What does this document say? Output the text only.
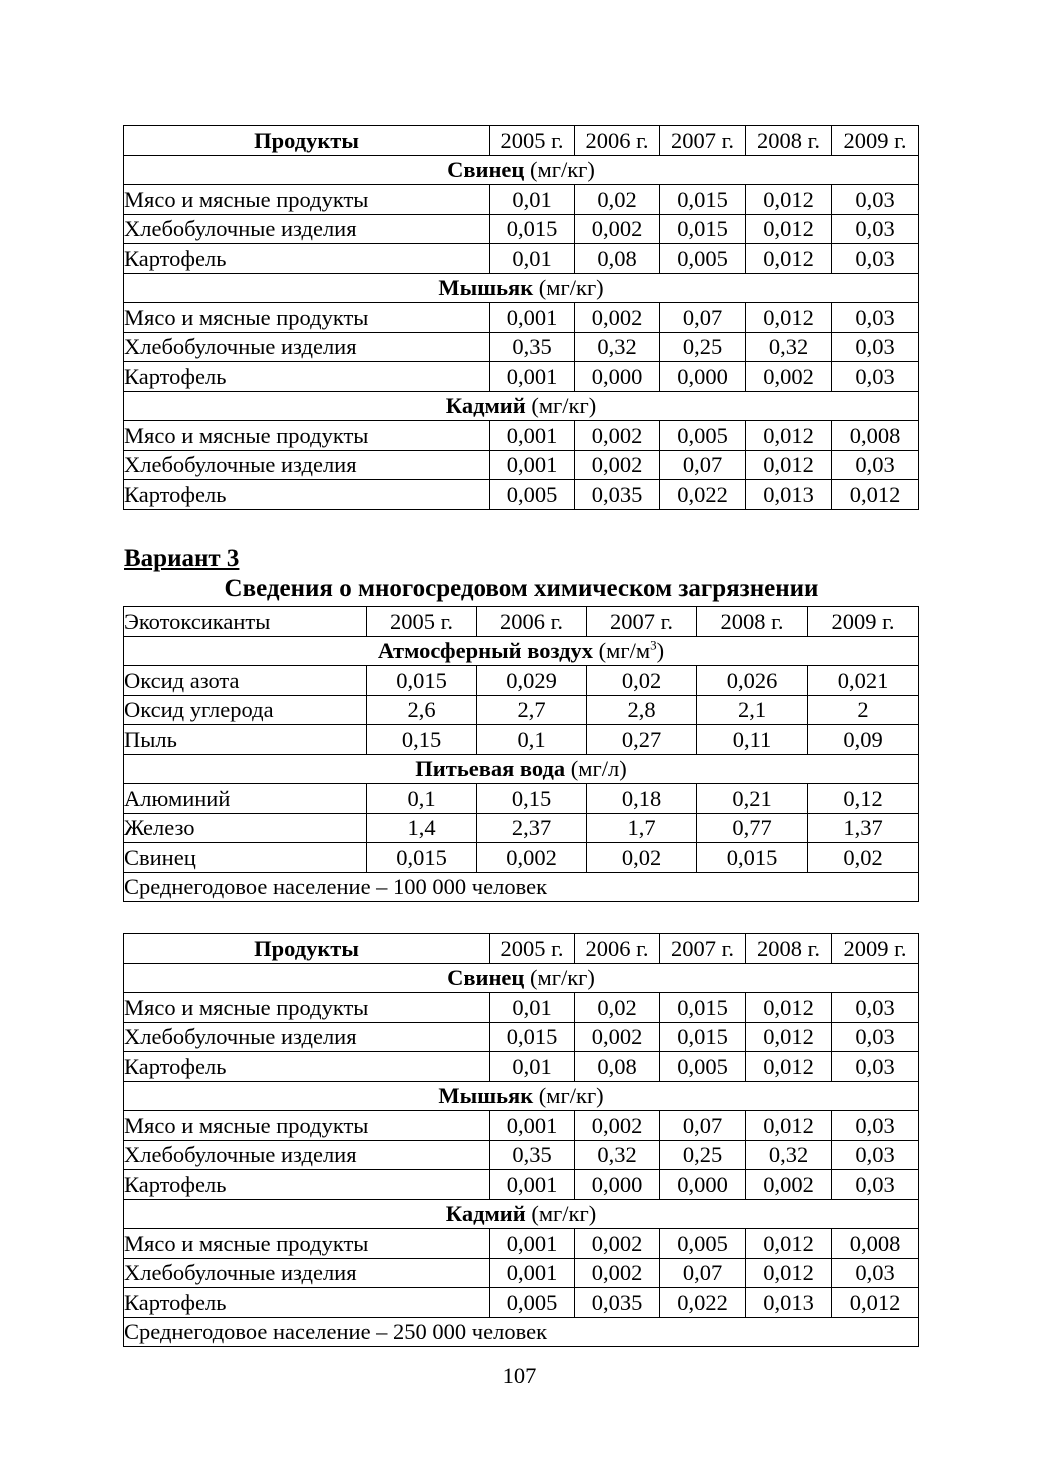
Продукты	2005 г.	2006 г.	2007 г.	2008 г.	2009 г.
Свинец (мг/кг)					
Мясо и мясные продукты	0,01	0,02	0,015	0,012	0,03
Хлебобулочные изделия	0,015	0,002	0,015	0,012	0,03
Картофель	0,01	0,08	0,005	0,012	0,03
Мышьяк (мг/кг)					
Мясо и мясные продукты	0,001	0,002	0,07	0,012	0,03
Хлебобулочные изделия	0,35	0,32	0,25	0,32	0,03
Картофель	0,001	0,000	0,000	0,002	0,03
Кадмий (мг/кг)					
Мясо и мясные продукты	0,001	0,002	0,005	0,012	0,008
Хлебобулочные изделия	0,001	0,002	0,07	0,012	0,03
Картофель	0,005	0,035	0,022	0,013	0,012
Вариант 3
Сведения о многосредовом химическом загрязнении
Экотоксиканты	2005 г.	2006 г.	2007 г.	2008 г.	2009 г.
Атмосферный воздух $(мг/м^3)$					
Оксид азота	0,015	0,029	0,02	0,026	0,021
Оксид углерода	2,6	2,7	2,8	2,1	2
Пыль	0,15	0,1	0,27	0,11	0,09
Питьевая вода (мг/л)					
Алюминий	0,1	0,15	0,18	0,21	0,12
Железо	1,4	2,37	1,7	0,77	1,37
Свинец	0,015	0,002	0,02	0,015	0,02
Среднегодовое население – 100 000 человек					
Продукты	2005 г.	2006 г.	2007 г.	2008 г.	2009 г.
Свинец (мг/кг)					
Мясо и мясные продукты	0,01	0,02	0,015	0,012	0,03
Хлебобулочные изделия	0,015	0,002	0,015	0,012	0,03
Картофель	0,01	0,08	0,005	0,012	0,03
Мышьяк (мг/кг)					
Мясо и мясные продукты	0,001	0,002	0,07	0,012	0,03
Хлебобулочные изделия	0,35	0,32	0,25	0,32	0,03
Картофель	0,001	0,000	0,000	0,002	0,03
Кадмий (мг/кг)					
Мясо и мясные продукты	0,001	0,002	0,005	0,012	0,008
Хлебобулочные изделия	0,001	0,002	0,07	0,012	0,03
Картофель	0,005	0,035	0,022	0,013	0,012
Среднегодовое население – 250 000 человек					
107
